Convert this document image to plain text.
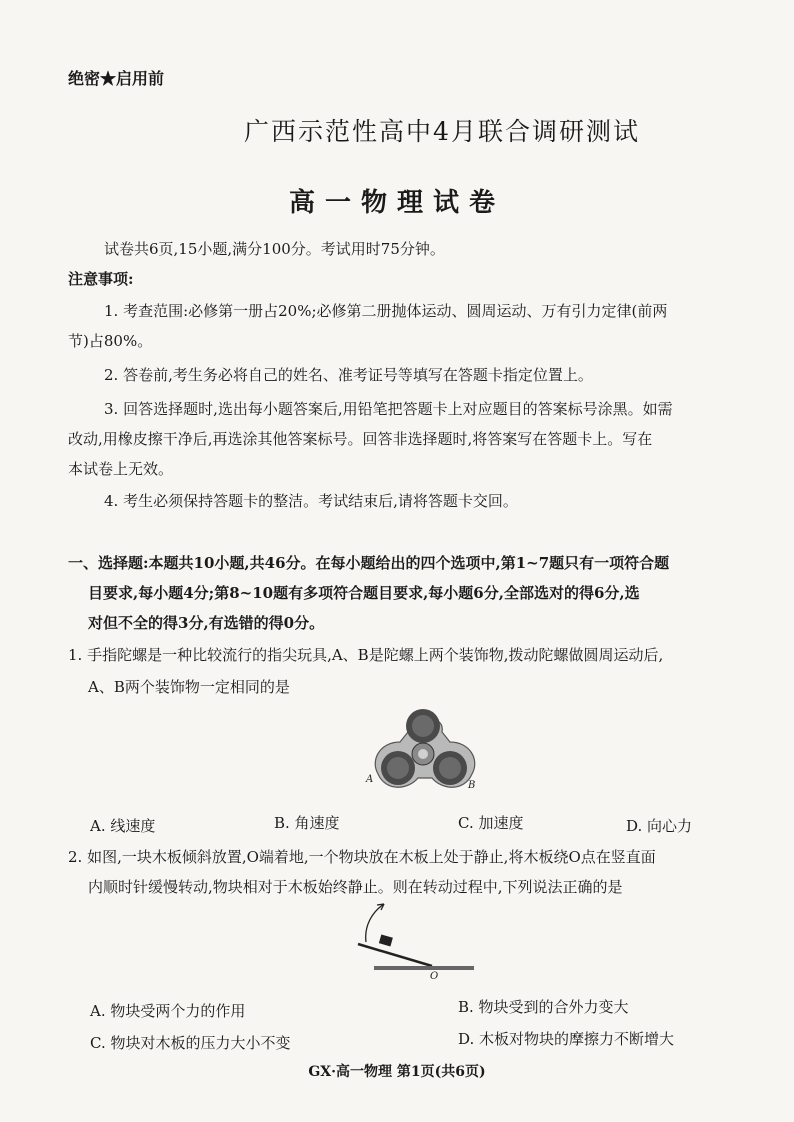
绝密★启用前
广西示范性高中4月联合调研测试
高一物理试卷
试卷共6页,15小题,满分100分。考试用时75分钟。
注意事项:
1. 考查范围:必修第一册占20%;必修第二册抛体运动、圆周运动、万有引力定律(前两
节)占80%。
2. 答卷前,考生务必将自己的姓名、准考证号等填写在答题卡指定位置上。
3. 回答选择题时,选出每小题答案后,用铅笔把答题卡上对应题目的答案标号涂黑。如需
改动,用橡皮擦干净后,再选涂其他答案标号。回答非选择题时,将答案写在答题卡上。写在
本试卷上无效。
4. 考生必须保持答题卡的整洁。考试结束后,请将答题卡交回。
一、选择题:本题共10小题,共46分。在每小题给出的四个选项中,第1~7题只有一项符合题
目要求,每小题4分;第8~10题有多项符合题目要求,每小题6分,全部选对的得6分,选
对但不全的得3分,有选错的得0分。
1. 手指陀螺是一种比较流行的指尖玩具,A、B是陀螺上两个装饰物,拨动陀螺做圆周运动后,
A、B两个装饰物一定相同的是
A
B
A. 线速度	B. 角速度	C. 加速度	D. 向心力
2. 如图,一块木板倾斜放置,O端着地,一个物块放在木板上处于静止,将木板绕O点在竖直面
内顺时针缓慢转动,物块相对于木板始终静止。则在转动过程中,下列说法正确的是
O
A. 物块受两个力的作用	B. 物块受到的合外力变大
C. 物块对木板的压力大小不变	D. 木板对物块的摩擦力不断增大
GX·高一物理 第1页(共6页)
